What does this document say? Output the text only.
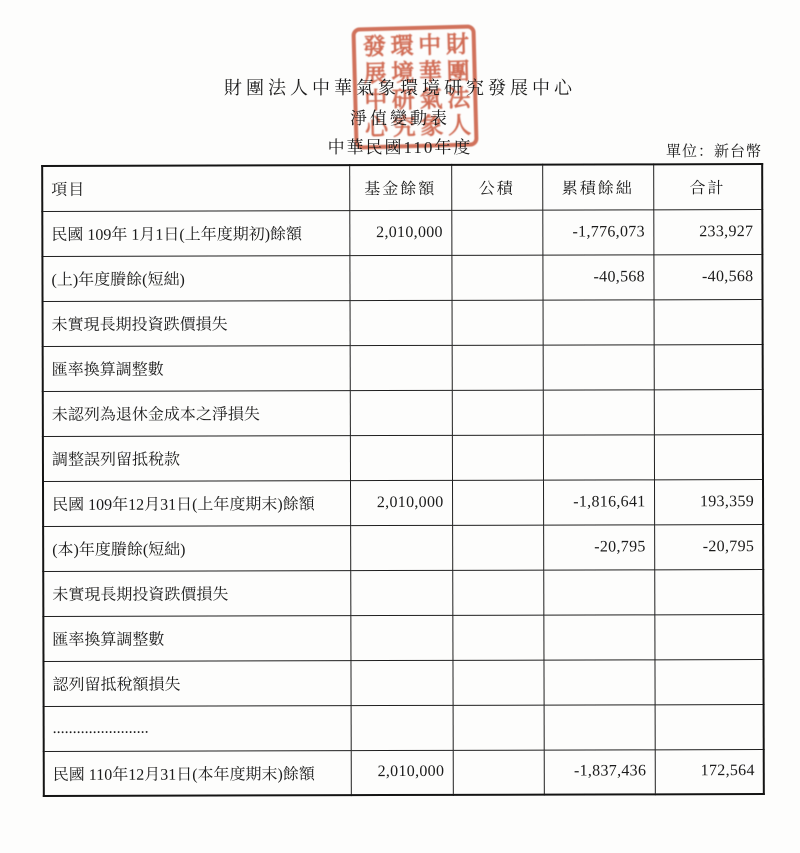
財團法人
中華氣象
環境研究
發展中心
財團法人中華氣象環境研究發展中心
淨值變動表
中華民國110年度	單位：新台幣
項目	基金餘額	公積	累積餘絀	合計
民國 109年 1月1日(上年度期初)餘額	2,010,000		-1,776,073	233,927
(上)年度賸餘(短絀)			-40,568	-40,568
未實現長期投資跌價損失				
匯率換算調整數				
未認列為退休金成本之淨損失				
調整誤列留抵稅款				
民國 109年12月31日(上年度期末)餘額	2,010,000		-1,816,641	193,359
(本)年度賸餘(短絀)			-20,795	-20,795
未實現長期投資跌價損失				
匯率換算調整數				
認列留抵稅額損失				
........................				
民國 110年12月31日(本年度期末)餘額	2,010,000		-1,837,436	172,564
